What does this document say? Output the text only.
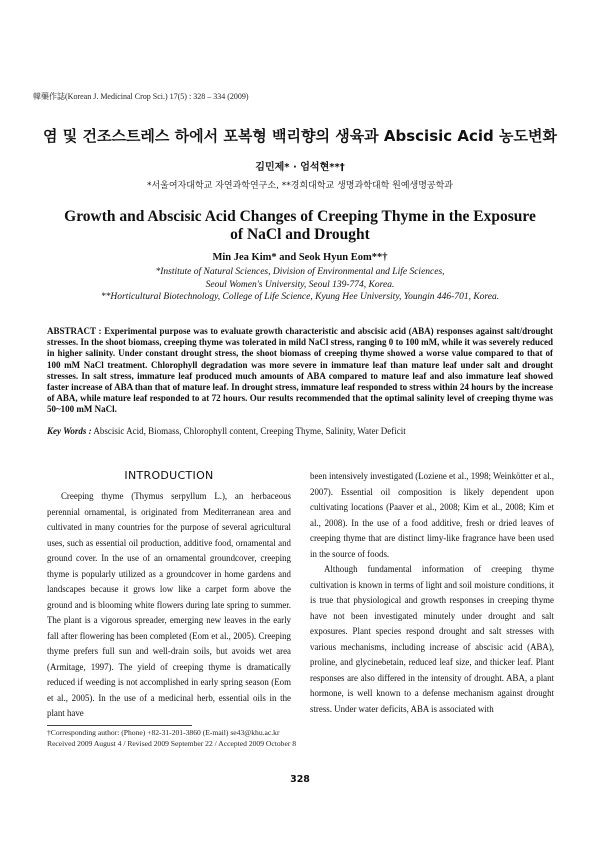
韓藥作誌(Korean J. Medicinal Crop Sci.) 17(5) : 328 – 334 (2009)
염 및 건조스트레스 하에서 포복형 백리향의 생육과 Abscisic Acid 농도변화
김민제* · 엄석현**†
*서울여자대학교 자연과학연구소, **경희대학교 생명과학대학 원예생명공학과
Growth and Abscisic Acid Changes of Creeping Thyme in the Exposure of NaCl and Drought
Min Jea Kim* and Seok Hyun Eom**†
*Institute of Natural Sciences, Division of Environmental and Life Sciences,
Seoul Women's University, Seoul 139-774, Korea.
**Horticultural Biotechnology, College of Life Science, Kyung Hee University, Youngin 446-701, Korea.
ABSTRACT : Experimental purpose was to evaluate growth characteristic and abscisic acid (ABA) responses against salt/drought stresses. In the shoot biomass, creeping thyme was tolerated in mild NaCl stress, ranging 0 to 100 mM, while it was severely reduced in higher salinity. Under constant drought stress, the shoot biomass of creeping thyme showed a worse value compared to that of 100 mM NaCl treatment. Chlorophyll degradation was more severe in immature leaf than mature leaf under salt and drought stresses. In salt stress, immature leaf produced much amounts of ABA compared to mature leaf and also immature leaf showed faster increase of ABA than that of mature leaf. In drought stress, immature leaf responded to stress within 24 hours by the increase of ABA, while mature leaf responded to at 72 hours. Our results recommended that the optimal salinity level of creeping thyme was 50~100 mM NaCl.
Key Words : Abscisic Acid, Biomass, Chlorophyll content, Creeping Thyme, Salinity, Water Deficit
INTRODUCTION

Creeping thyme (Thymus serpyllum L.), an herbaceous perennial ornamental, is originated from Mediterranean area and cultivated in many countries for the purpose of several agricultural uses, such as essential oil production, additive food, ornamental and ground cover. In the use of an ornamental groundcover, creeping thyme is popularly utilized as a groundcover in home gardens and landscapes because it grows low like a carpet form above the ground and is blooming white flowers during late spring to summer. The plant is a vigorous spreader, emerging new leaves in the early fall after flowering has been completed (Eom et al., 2005). Creeping thyme prefers full sun and well-drain soils, but avoids wet area (Armitage, 1997). The yield of creeping thyme is dramatically reduced if weeding is not accomplished in early spring season (Eom et al., 2005). In the use of a medicinal herb, essential oils in the plant have

been intensively investigated (Loziene et al., 1998; Weinkötter et al., 2007). Essential oil composition is likely dependent upon cultivating locations (Paaver et al., 2008; Kim et al., 2008; Kim et al., 2008). In the use of a food additive, fresh or dried leaves of creeping thyme that are distinct limy-like fragrance have been used in the source of foods.

Although fundamental information of creeping thyme cultivation is known in terms of light and soil moisture conditions, it is true that physiological and growth responses in creeping thyme have not been investigated minutely under drought and salt exposures. Plant species respond drought and salt stresses with various mechanisms, including increase of abscisic acid (ABA), proline, and glycinebetain, reduced leaf size, and thicker leaf. Plant responses are also differed in the intensity of drought. ABA, a plant hormone, is well known to a defense mechanism against drought stress. Under water deficits, ABA is associated with

†Corresponding author: (Phone) +82-31-201-3860 (E-mail) se43@khu.ac.kr
Received 2009 August 4 / Revised 2009 September 22 / Accepted 2009 October 8
328
